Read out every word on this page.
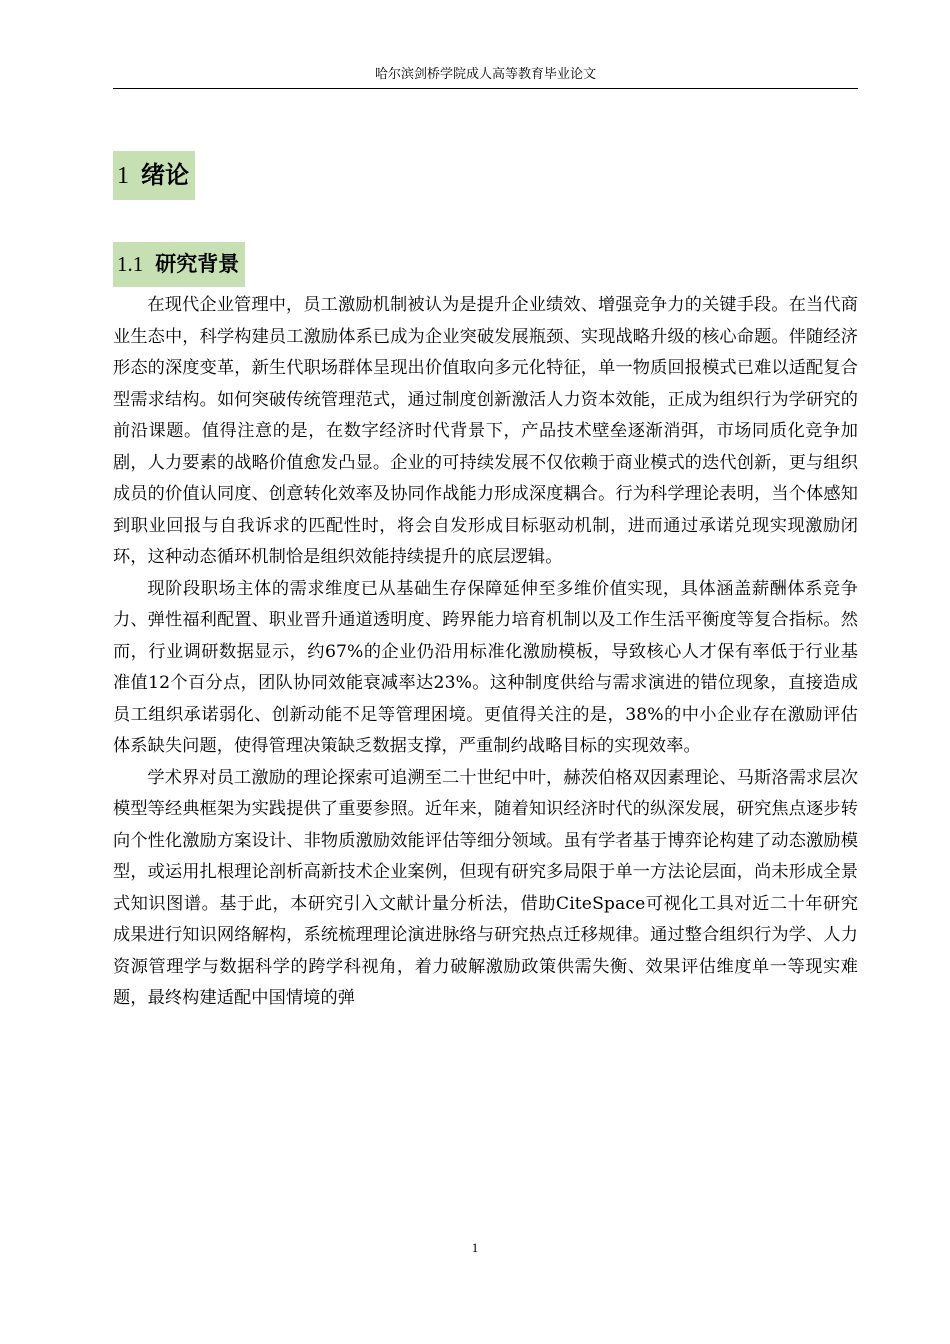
哈尔滨剑桥学院成人高等教育毕业论文
1 绪论
1.1 研究背景

在现代企业管理中，员工激励机制被认为是提升企业绩效、增强竞争力的关键手段。在当代商业生态中，科学构建员工激励体系已成为企业突破发展瓶颈、实现战略升级的核心命题。伴随经济形态的深度变革，新生代职场群体呈现出价值取向多元化特征，单一物质回报模式已难以适配复合型需求结构。如何突破传统管理范式，通过制度创新激活人力资本效能，正成为组织行为学研究的前沿课题。值得注意的是，在数字经济时代背景下，产品技术壁垒逐渐消弭，市场同质化竞争加剧，人力要素的战略价值愈发凸显。企业的可持续发展不仅依赖于商业模式的迭代创新，更与组织成员的价值认同度、创意转化效率及协同作战能力形成深度耦合。行为科学理论表明，当个体感知到职业回报与自我诉求的匹配性时，将会自发形成目标驱动机制，进而通过承诺兑现实现激励闭环，这种动态循环机制恰是组织效能持续提升的底层逻辑。

现阶段职场主体的需求维度已从基础生存保障延伸至多维价值实现，具体涵盖薪酬体系竞争力、弹性福利配置、职业晋升通道透明度、跨界能力培育机制以及工作生活平衡度等复合指标。然而，行业调研数据显示，约67%的企业仍沿用标准化激励模板，导致核心人才保有率低于行业基准值12个百分点，团队协同效能衰减率达23%。这种制度供给与需求演进的错位现象，直接造成员工组织承诺弱化、创新动能不足等管理困境。更值得关注的是，38%的中小企业存在激励评估体系缺失问题，使得管理决策缺乏数据支撑，严重制约战略目标的实现效率。

学术界对员工激励的理论探索可追溯至二十世纪中叶，赫茨伯格双因素理论、马斯洛需求层次模型等经典框架为实践提供了重要参照。近年来，随着知识经济时代的纵深发展，研究焦点逐步转向个性化激励方案设计、非物质激励效能评估等细分领域。虽有学者基于博弈论构建了动态激励模型，或运用扎根理论剖析高新技术企业案例，但现有研究多局限于单一方法论层面，尚未形成全景式知识图谱。基于此，本研究引入文献计量分析法，借助CiteSpace可视化工具对近二十年研究成果进行知识网络解构，系统梳理理论演进脉络与研究热点迁移规律。通过整合组织行为学、人力资源管理学与数据科学的跨学科视角，着力破解激励政策供需失衡、效果评估维度单一等现实难题，最终构建适配中国情境的弹

1
